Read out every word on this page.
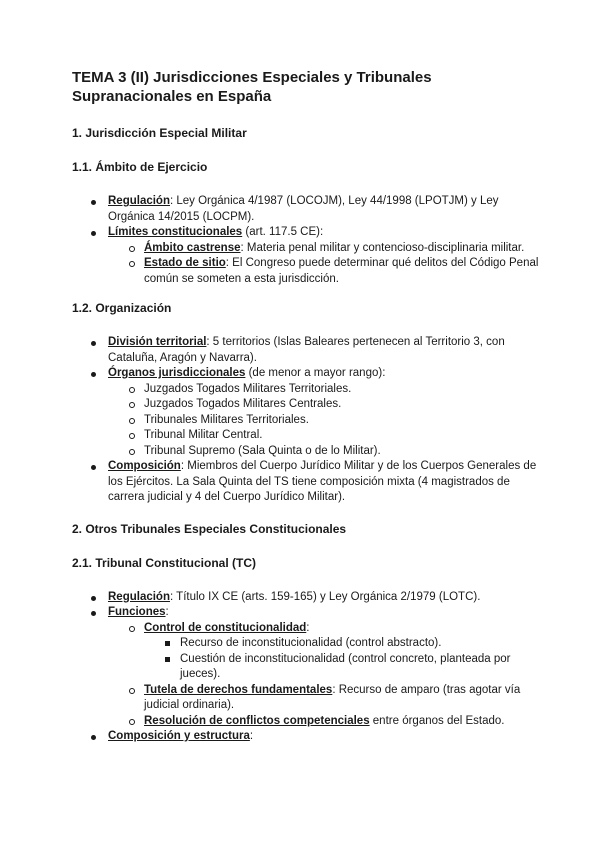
TEMA 3 (II) Jurisdicciones Especiales y Tribunales Supranacionales en España
1. Jurisdicción Especial Militar
1.1. Ámbito de Ejercicio
Regulación: Ley Orgánica 4/1987 (LOCOJM), Ley 44/1998 (LPOTJM) y Ley Orgánica 14/2015 (LOCPM).
Límites constitucionales (art. 117.5 CE):
Ámbito castrense: Materia penal militar y contencioso-disciplinaria militar.
Estado de sitio: El Congreso puede determinar qué delitos del Código Penal común se someten a esta jurisdicción.
1.2. Organización
División territorial: 5 territorios (Islas Baleares pertenecen al Territorio 3, con Cataluña, Aragón y Navarra).
Órganos jurisdiccionales (de menor a mayor rango):
Juzgados Togados Militares Territoriales.
Juzgados Togados Militares Centrales.
Tribunales Militares Territoriales.
Tribunal Militar Central.
Tribunal Supremo (Sala Quinta o de lo Militar).
Composición: Miembros del Cuerpo Jurídico Militar y de los Cuerpos Generales de los Ejércitos. La Sala Quinta del TS tiene composición mixta (4 magistrados de carrera judicial y 4 del Cuerpo Jurídico Militar).
2. Otros Tribunales Especiales Constitucionales
2.1. Tribunal Constitucional (TC)
Regulación: Título IX CE (arts. 159-165) y Ley Orgánica 2/1979 (LOTC).
Funciones:
Control de constitucionalidad:
Recurso de inconstitucionalidad (control abstracto).
Cuestión de inconstitucionalidad (control concreto, planteada por jueces).
Tutela de derechos fundamentales: Recurso de amparo (tras agotar vía judicial ordinaria).
Resolución de conflictos competenciales entre órganos del Estado.
Composición y estructura:
